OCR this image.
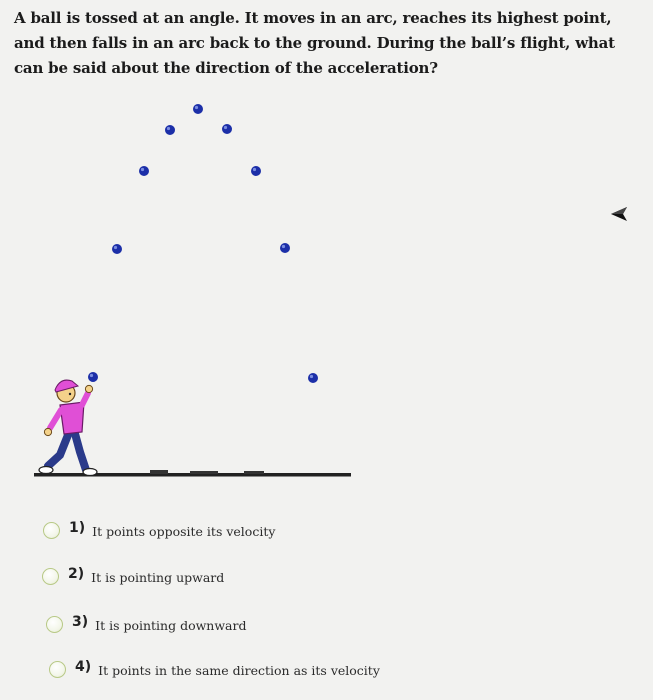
A ball is tossed at an angle. It moves in an arc, reaches its highest point, and then falls in an arc back to the ground. During the ball’s flight, what can be said about the direction of the acceleration?
1) It points opposite its velocity
2) It is pointing upward
3) It is pointing downward
4) It points in the same direction as its velocity
